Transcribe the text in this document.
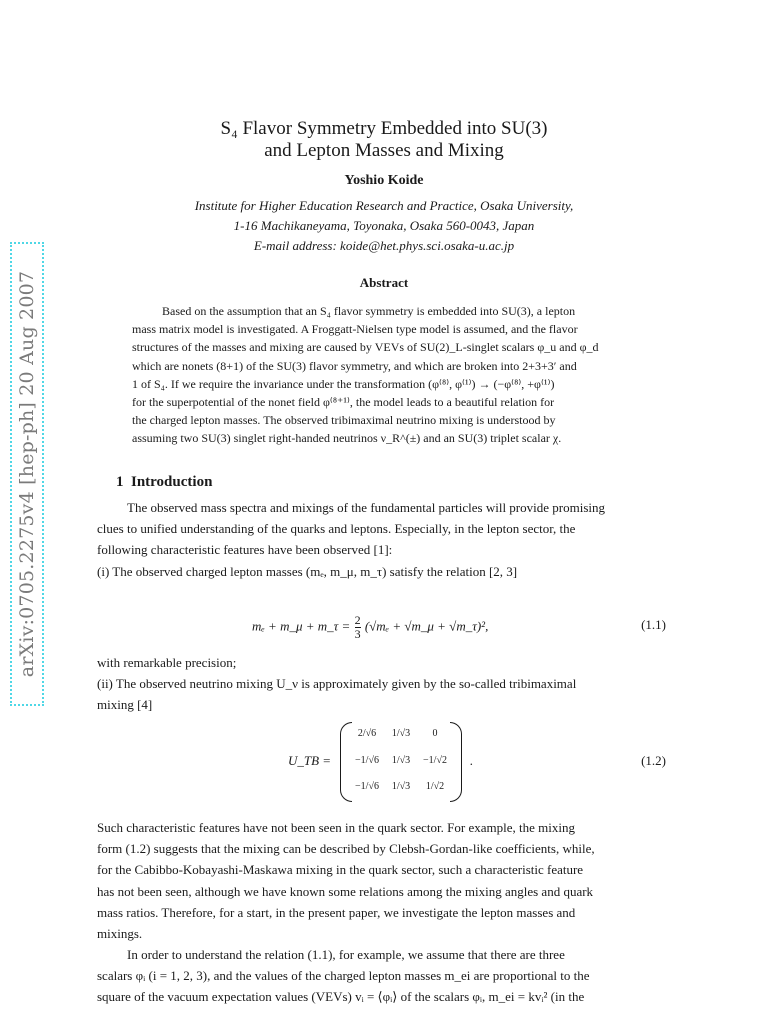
arXiv:0705.2275v4 [hep-ph] 20 Aug 2007
S₄ Flavor Symmetry Embedded into SU(3)
and Lepton Masses and Mixing
Yoshio Koide
Institute for Higher Education Research and Practice, Osaka University,
1-16 Machikaneyama, Toyonaka, Osaka 560-0043, Japan
E-mail address: koide@het.phys.sci.osaka-u.ac.jp
Abstract
Based on the assumption that an S₄ flavor symmetry is embedded into SU(3), a lepton
mass matrix model is investigated. A Froggatt-Nielsen type model is assumed, and the flavor
structures of the masses and mixing are caused by VEVs of SU(2)_L-singlet scalars φ_u and φ_d
which are nonets (8+1) of the SU(3) flavor symmetry, and which are broken into 2+3+3′ and
1 of S₄. If we require the invariance under the transformation (φ⁽⁸⁾, φ⁽¹⁾) → (−φ⁽⁸⁾, +φ⁽¹⁾)
for the superpotential of the nonet field φ⁽⁸⁺¹⁾, the model leads to a beautiful relation for
the charged lepton masses. The observed tribimaximal neutrino mixing is understood by
assuming two SU(3) singlet right-handed neutrinos ν_R^(±) and an SU(3) triplet scalar χ.
1 Introduction
The observed mass spectra and mixings of the fundamental particles will provide promising
clues to unified understanding of the quarks and leptons. Especially, in the lepton sector, the
following characteristic features have been observed [1]:
(i) The observed charged lepton masses (mₑ, m_μ, m_τ) satisfy the relation [2, 3]
mₑ + m_μ + m_τ = $\frac{2}{3} (√m_e$ + √m_μ + √m_τ)²,	(1.1)
with remarkable precision;
(ii) The observed neutrino mixing U_ν is approximately given by the so-called tribimaximal
mixing [4]
U_TB =
2/√6	1/√3	0
−1/√6	1/√3	−1/√2
−1/√6	1/√3	1/√2
.	(1.2)
Such characteristic features have not been seen in the quark sector. For example, the mixing
form (1.2) suggests that the mixing can be described by Clebsh-Gordan-like coefficients, while,
for the Cabibbo-Kobayashi-Maskawa mixing in the quark sector, such a characteristic feature
has not been seen, although we have known some relations among the mixing angles and quark
mass ratios. Therefore, for a start, in the present paper, we investigate the lepton masses and
mixings.
In order to understand the relation (1.1), for example, we assume that there are three
scalars φᵢ (i = 1, 2, 3), and the values of the charged lepton masses m_ei are proportional to the
square of the vacuum expectation values (VEVs) vᵢ = ⟨φᵢ⟩ of the scalars φᵢ, m_ei = kvᵢ² (in the
